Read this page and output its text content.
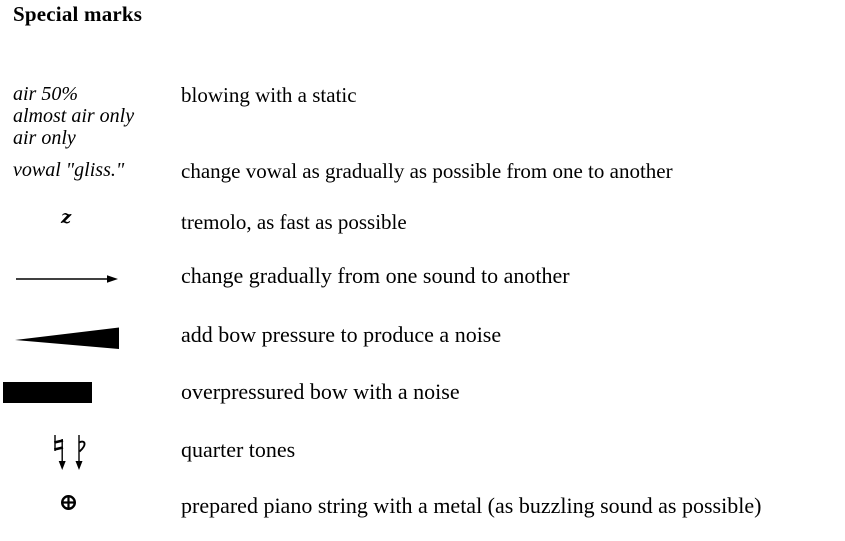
Special marks
air 50%
almost air only
air only
blowing with a static
vowal "gliss."	change vowal as gradually as possible from one to another
z	tremolo, as fast as possible
change gradually from one sound to another
add bow pressure to produce a noise
overpressured bow with a noise
quarter tones
prepared piano string with a metal (as buzzling sound as possible)
